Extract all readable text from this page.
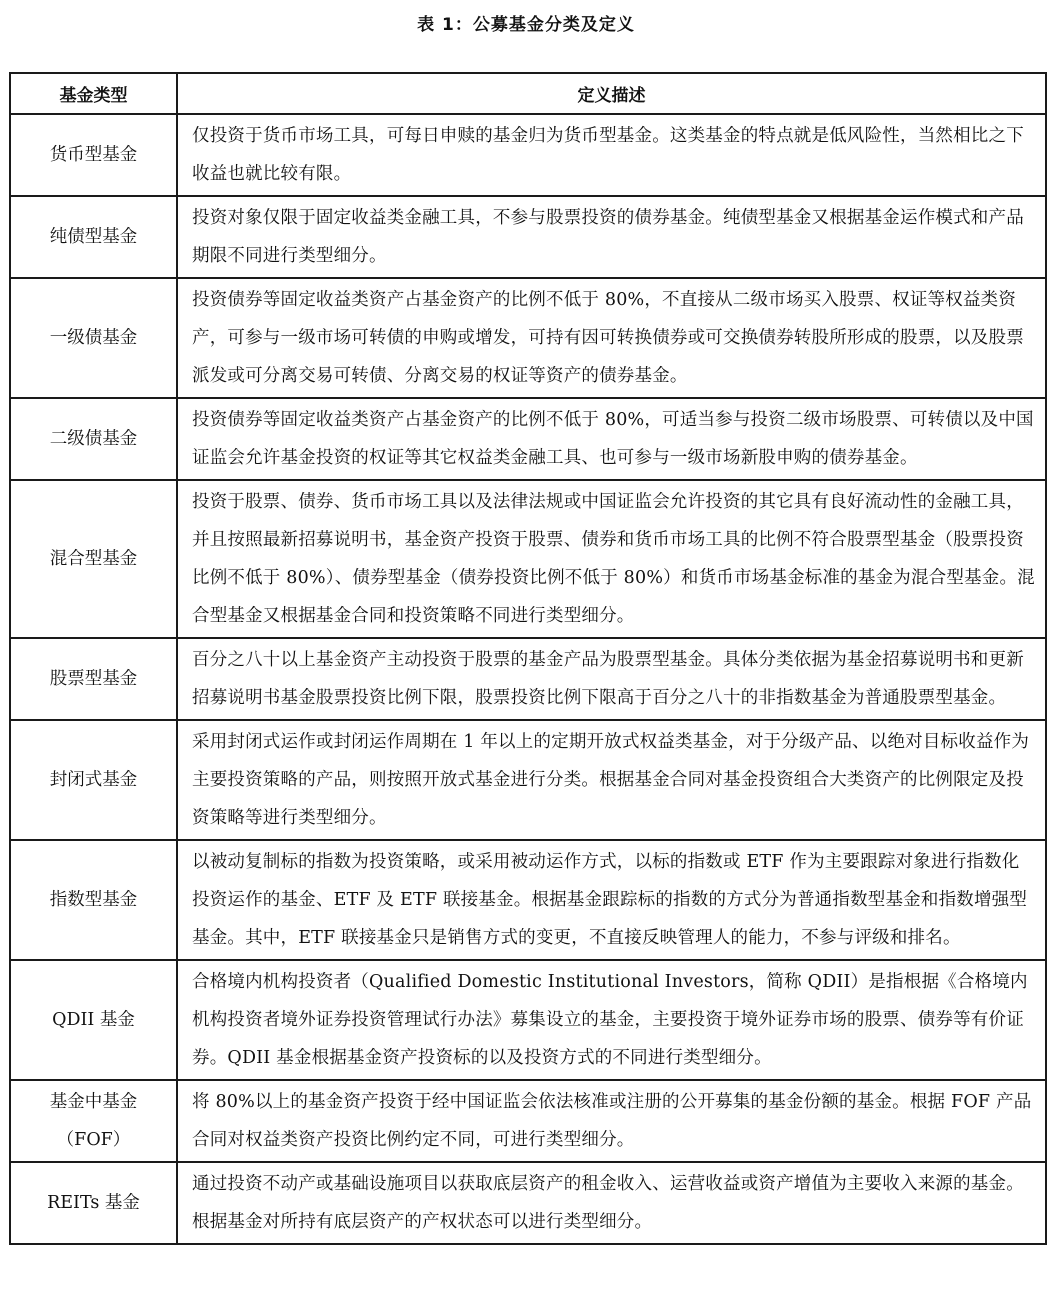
表 1：公募基金分类及定义
基金类型	定义描述
货币型基金	仅投资于货币市场工具，可每日申赎的基金归为货币型基金。这类基金的特点就是低风险性，当然相比之下收益也就比较有限。
纯债型基金	投资对象仅限于固定收益类金融工具，不参与股票投资的债券基金。纯债型基金又根据基金运作模式和产品期限不同进行类型细分。
一级债基金	投资债券等固定收益类资产占基金资产的比例不低于 80%，不直接从二级市场买入股票、权证等权益类资产，可参与一级市场可转债的申购或增发，可持有因可转换债券或可交换债券转股所形成的股票，以及股票派发或可分离交易可转债、分离交易的权证等资产的债券基金。
二级债基金	投资债券等固定收益类资产占基金资产的比例不低于 80%，可适当参与投资二级市场股票、可转债以及中国证监会允许基金投资的权证等其它权益类金融工具、也可参与一级市场新股申购的债券基金。
混合型基金	投资于股票、债券、货币市场工具以及法律法规或中国证监会允许投资的其它具有良好流动性的金融工具，并且按照最新招募说明书，基金资产投资于股票、债券和货币市场工具的比例不符合股票型基金（股票投资比例不低于 80%）、债券型基金（债券投资比例不低于 80%）和货币市场基金标准的基金为混合型基金。混合型基金又根据基金合同和投资策略不同进行类型细分。
股票型基金	百分之八十以上基金资产主动投资于股票的基金产品为股票型基金。具体分类依据为基金招募说明书和更新招募说明书基金股票投资比例下限，股票投资比例下限高于百分之八十的非指数基金为普通股票型基金。
封闭式基金	采用封闭式运作或封闭运作周期在 1 年以上的定期开放式权益类基金，对于分级产品、以绝对目标收益作为主要投资策略的产品，则按照开放式基金进行分类。根据基金合同对基金投资组合大类资产的比例限定及投资策略等进行类型细分。
指数型基金	以被动复制标的指数为投资策略，或采用被动运作方式，以标的指数或 ETF 作为主要跟踪对象进行指数化投资运作的基金、ETF 及 ETF 联接基金。根据基金跟踪标的指数的方式分为普通指数型基金和指数增强型基金。其中，ETF 联接基金只是销售方式的变更，不直接反映管理人的能力，不参与评级和排名。
QDII 基金	合格境内机构投资者（Qualified Domestic Institutional Investors，简称 QDII）是指根据《合格境内机构投资者境外证券投资管理试行办法》募集设立的基金，主要投资于境外证券市场的股票、债券等有价证券。QDII 基金根据基金资产投资标的以及投资方式的不同进行类型细分。
基金中基金
（FOF）	将 80%以上的基金资产投资于经中国证监会依法核准或注册的公开募集的基金份额的基金。根据 FOF 产品合同对权益类资产投资比例约定不同，可进行类型细分。
REITs 基金	通过投资不动产或基础设施项目以获取底层资产的租金收入、运营收益或资产增值为主要收入来源的基金。根据基金对所持有底层资产的产权状态可以进行类型细分。
